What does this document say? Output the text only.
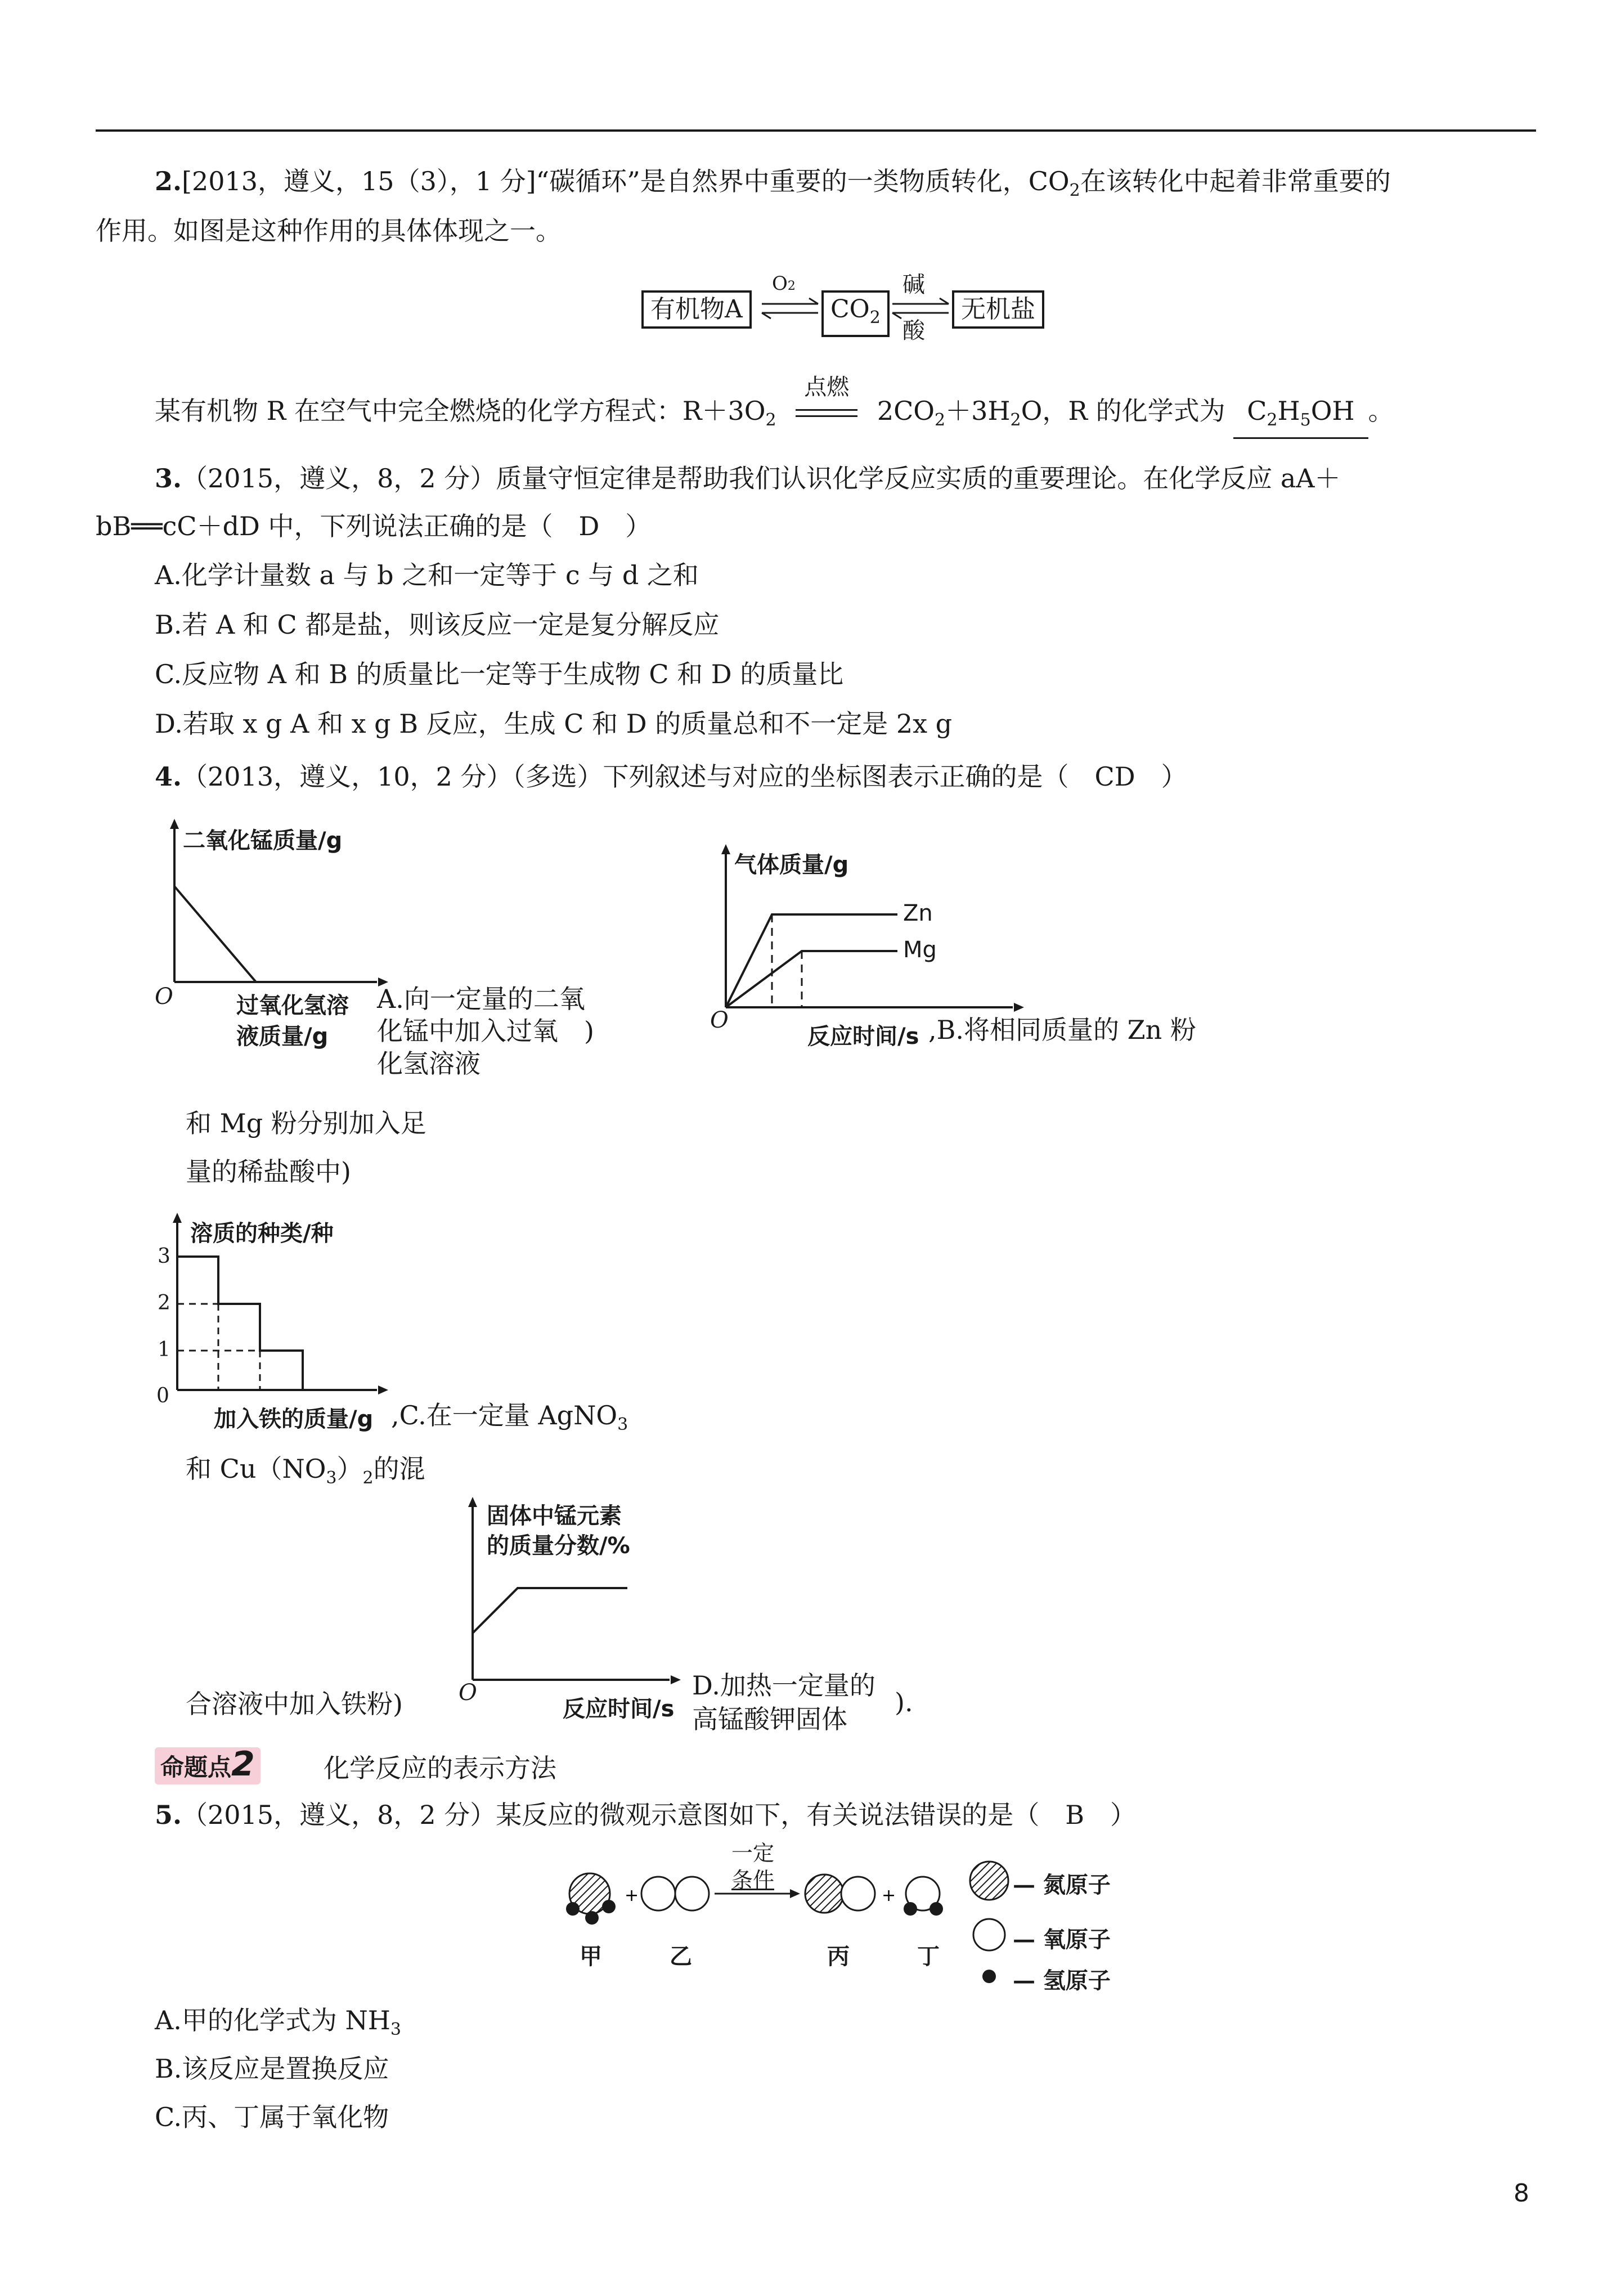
2.[2013，遵义，15（3），1 分]“碳循环”是自然界中重要的一类物质转化，$CO_2$在该转化中起着非常重要的
作用。如图是这种作用的具体体现之一。
有机物A
O2
$CO_2$
碱
酸
无机盐
某有机物 R 在空气中完全燃烧的化学方程式：$R+3O_2$
点燃
$2CO_2+3H_2O$，R 的化学式为 $C_2H_5OH$ 。
3.（2015，遵义，8，2 分）质量守恒定律是帮助我们认识化学反应实质的重要理论。在化学反应 aA＋
bB══cC＋dD 中，下列说法正确的是（　D　）
A.化学计量数 a 与 b 之和一定等于 c 与 d 之和
B.若 A 和 C 都是盐，则该反应一定是复分解反应
C.反应物 A 和 B 的质量比一定等于生成物 C 和 D 的质量比
D.若取 x g A 和 x g B 反应，生成 C 和 D 的质量总和不一定是 2x g
4.（2013，遵义，10，2 分）（多选）下列叙述与对应的坐标图表示正确的是（　CD　）
二氧化锰质量/g
O	过氧化氢溶
液质量/g
A.向一定量的二氧
化锰中加入过氧　)
化氢溶液
气体质量/g
Zn
Mg
O
反应时间/s ,B.将相同质量的 Zn 粉
和 Mg 粉分别加入足
量的稀盐酸中)
溶质的种类/种
3
2
1
0
加入铁的质量/g ,C.在一定量 AgNO$_3$
和 $Cu(NO_3)_2$的混
固体中锰元素
的质量分数/%
合溶液中加入铁粉) O
反应时间/s
D.加热一定量的
高锰酸钾固体
).
命题点2	化学反应的表示方法
5.（2015，遵义，8，2 分）某反应的微观示意图如下，有关说法错误的是（　B　）
+	+
一定
条件
甲	乙	丙	丁
— 氮原子
— 氧原子
— 氢原子
A.甲的化学式为 $NH_3$
B.该反应是置换反应
C.丙、丁属于氧化物
8
